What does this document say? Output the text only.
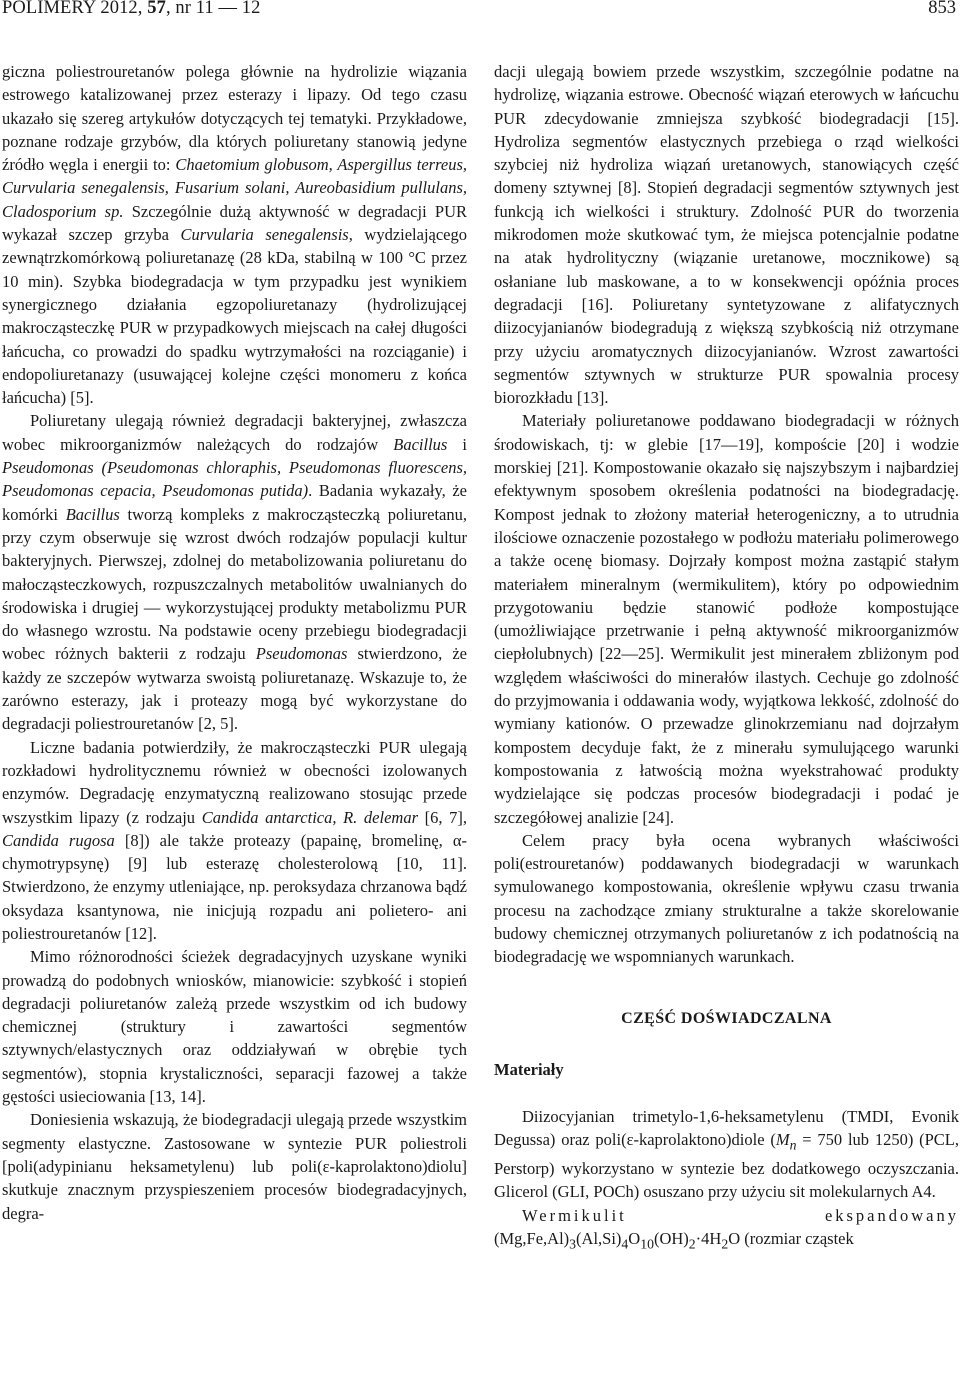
POLIMERY 2012, 57, nr 11 — 12	853

giczna poliestrouretanów polega głównie na hydrolizie wiązania estrowego katalizowanej przez esterazy i lipazy. Od tego czasu ukazało się szereg artykułów dotyczących tej tematyki. Przykładowe, poznane rodzaje grzybów, dla których poliuretany stanowią jedyne źródło węgla i energii to: Chaetomium globusom, Aspergillus terreus, Curvularia senegalensis, Fusarium solani, Aureobasidium pullulans, Cladosporium sp. Szczególnie dużą aktywność w degradacji PUR wykazał szczep grzyba Curvularia senegalensis, wydzielającego zewnątrzkomórkową poliuretanazę (28 kDa, stabilną w 100 °C przez 10 min). Szybka biodegradacja w tym przypadku jest wynikiem synergicznego działania egzopoliuretanazy (hydrolizującej makrocząsteczkę PUR w przypadkowych miejscach na całej długości łańcucha, co prowadzi do spadku wytrzymałości na rozciąganie) i endopoliuretanazy (usuwającej kolejne części monomeru z końca łańcucha) [5].

Poliuretany ulegają również degradacji bakteryjnej, zwłaszcza wobec mikroorganizmów należących do rodzajów Bacillus i Pseudomonas (Pseudomonas chloraphis, Pseudomonas fluorescens, Pseudomonas cepacia, Pseudomonas putida). Badania wykazały, że komórki Bacillus tworzą kompleks z makrocząsteczką poliuretanu, przy czym obserwuje się wzrost dwóch rodzajów populacji kultur bakteryjnych. Pierwszej, zdolnej do metabolizowania poliuretanu do małocząsteczkowych, rozpuszczalnych metabolitów uwalnianych do środowiska i drugiej — wykorzystującej produkty metabolizmu PUR do własnego wzrostu. Na podstawie oceny przebiegu biodegradacji wobec różnych bakterii z rodzaju Pseudomonas stwierdzono, że każdy ze szczepów wytwarza swoistą poliuretanazę. Wskazuje to, że zarówno esterazy, jak i proteazy mogą być wykorzystane do degradacji poliestrouretanów [2, 5].

Liczne badania potwierdziły, że makrocząsteczki PUR ulegają rozkładowi hydrolitycznemu również w obecności izolowanych enzymów. Degradację enzymatyczną realizowano stosując przede wszystkim lipazy (z rodzaju Candida antarctica, R. delemar [6, 7], Candida rugosa [8]) ale także proteazy (papainę, bromelinę, α-chymotrypsynę) [9] lub esterazę cholesterolową [10, 11]. Stwierdzono, że enzymy utleniające, np. peroksydaza chrzanowa bądź oksydaza ksantynowa, nie inicjują rozpadu ani polietero- ani poliestrouretanów [12].

Mimo różnorodności ścieżek degradacyjnych uzyskane wyniki prowadzą do podobnych wniosków, mianowicie: szybkość i stopień degradacji poliuretanów zależą przede wszystkim od ich budowy chemicznej (struktury i zawartości segmentów sztywnych/elastycznych oraz oddziaływań w obrębie tych segmentów), stopnia krystaliczności, separacji fazowej a także gęstości usieciowania [13, 14].

Doniesienia wskazują, że biodegradacji ulegają przede wszystkim segmenty elastyczne. Zastosowane w syntezie PUR poliestroli [poli(adypinianu heksametylenu) lub poli(ε-kaprolaktono)diolu] skutkuje znacznym przyspieszeniem procesów biodegradacyjnych, degra-

dacji ulegają bowiem przede wszystkim, szczególnie podatne na hydrolizę, wiązania estrowe. Obecność wiązań eterowych w łańcuchu PUR zdecydowanie zmniejsza szybkość biodegradacji [15]. Hydroliza segmentów elastycznych przebiega o rząd wielkości szybciej niż hydroliza wiązań uretanowych, stanowiących część domeny sztywnej [8]. Stopień degradacji segmentów sztywnych jest funkcją ich wielkości i struktury. Zdolność PUR do tworzenia mikrodomen może skutkować tym, że miejsca potencjalnie podatne na atak hydrolityczny (wiązanie uretanowe, mocznikowe) są osłaniane lub maskowane, a to w konsekwencji opóźnia proces degradacji [16]. Poliuretany syntetyzowane z alifatycznych diizocyjanianów biodegradują z większą szybkością niż otrzymane przy użyciu aromatycznych diizocyjanianów. Wzrost zawartości segmentów sztywnych w strukturze PUR spowalnia procesy biorozkładu [13].

Materiały poliuretanowe poddawano biodegradacji w różnych środowiskach, tj: w glebie [17—19], kompoście [20] i wodzie morskiej [21]. Kompostowanie okazało się najszybszym i najbardziej efektywnym sposobem określenia podatności na biodegradację. Kompost jednak to złożony materiał heterogeniczny, a to utrudnia ilościowe oznaczenie pozostałego w podłożu materiału polimerowego a także ocenę biomasy. Dojrzały kompost można zastąpić stałym materiałem mineralnym (wermikulitem), który po odpowiednim przygotowaniu będzie stanowić podłoże kompostujące (umożliwiające przetrwanie i pełną aktywność mikroorganizmów ciepłolubnych) [22—25]. Wermikulit jest minerałem zbliżonym pod względem właściwości do minerałów ilastych. Cechuje go zdolność do przyjmowania i oddawania wody, wyjątkowa lekkość, zdolność do wymiany kationów. O przewadze glinokrzemianu nad dojrzałym kompostem decyduje fakt, że z minerału symulującego warunki kompostowania z łatwością można wyekstrahować produkty wydzielające się podczas procesów biodegradacji i podać je szczegółowej analizie [24].

Celem pracy była ocena wybranych właściwości poli(estrouretanów) poddawanych biodegradacji w warunkach symulowanego kompostowania, określenie wpływu czasu trwania procesu na zachodzące zmiany strukturalne a także skorelowanie budowy chemicznej otrzymanych poliuretanów z ich podatnością na biodegradację we wspomnianych warunkach.

CZĘŚĆ DOŚWIADCZALNA
Materiały

Diizocyjanian trimetylo-1,6-heksametylenu (TMDI, Evonik Degussa) oraz poli(ε-kaprolaktono)diole ($M_n = 750$ lub 1250) (PCL, Perstorp) wykorzystano w syntezie bez dodatkowego oczyszczania. Glicerol (GLI, POCh) osuszano przy użyciu sit molekularnych A4.

Wermikulit	ekspandowany $(Mg,Fe,Al)_3(Al,Si)_4O_{10}(OH)_2\cdot 4H_2O$ (rozmiar cząstek
